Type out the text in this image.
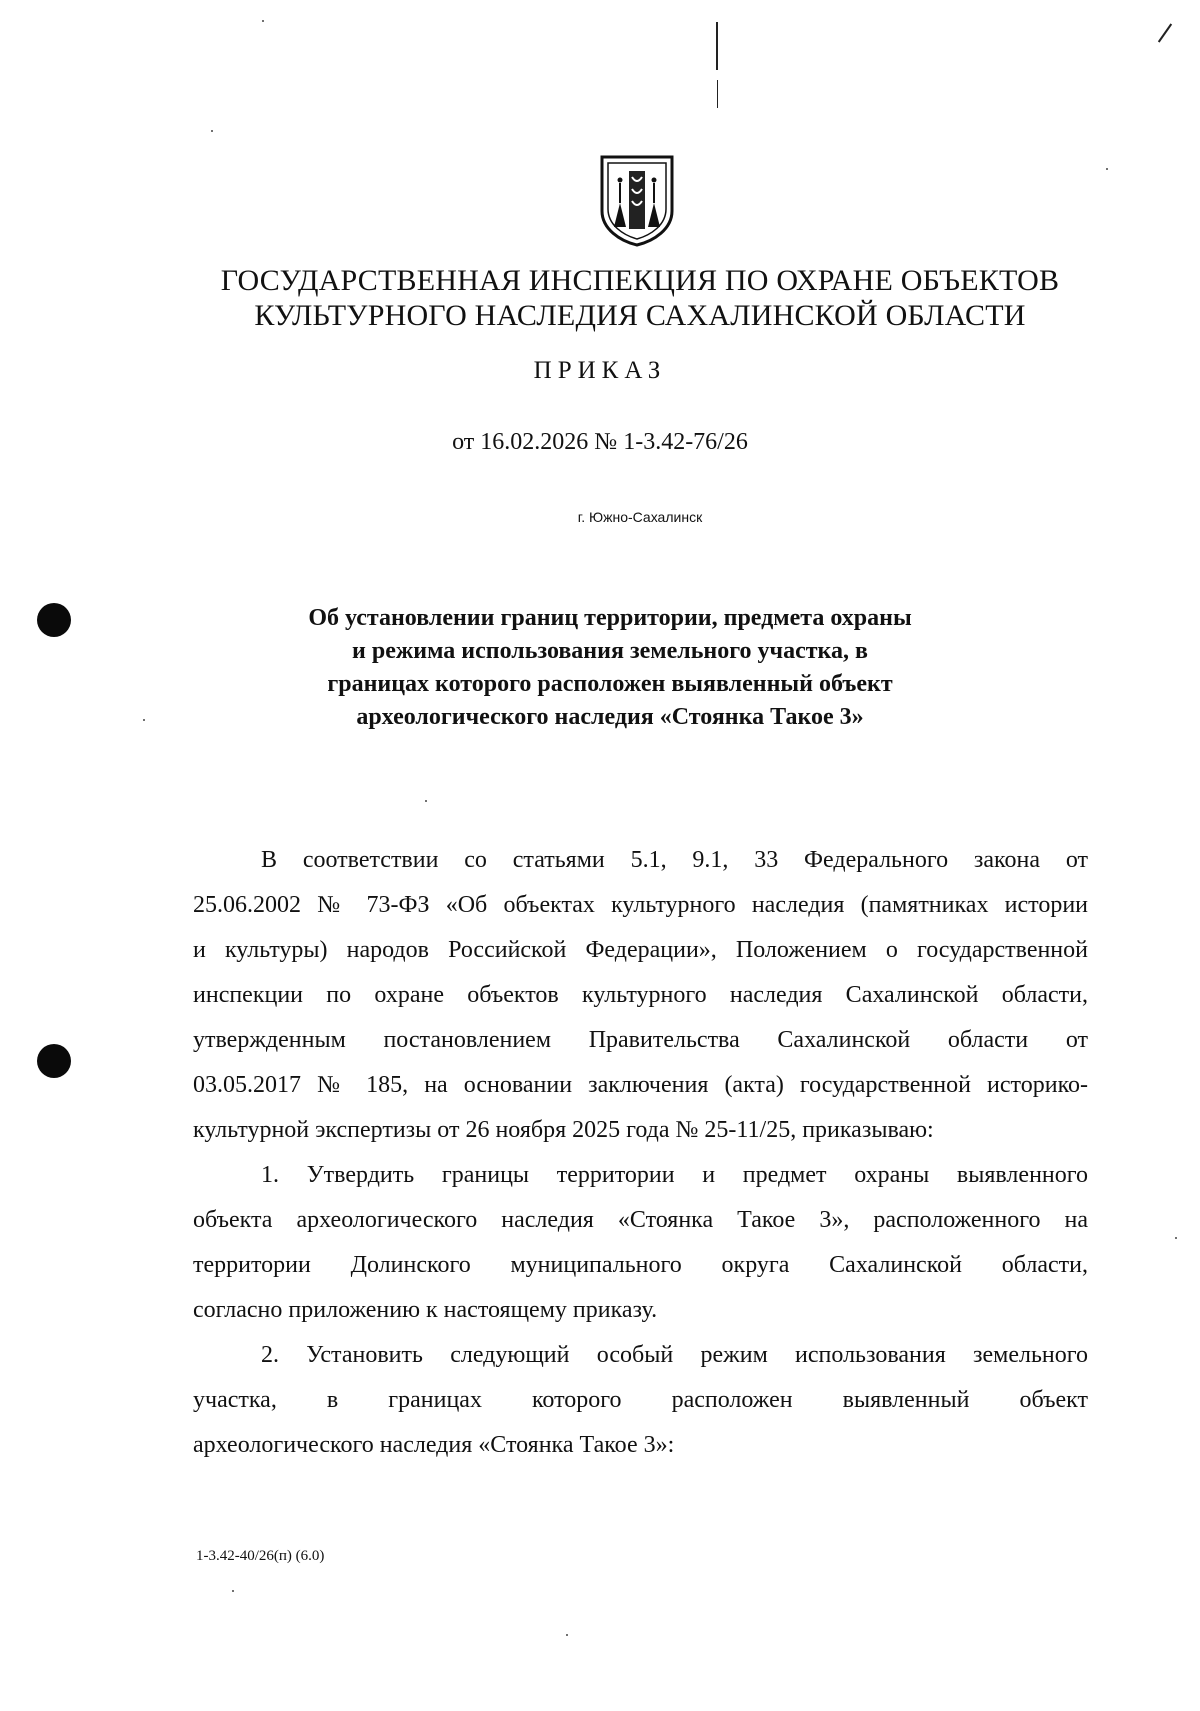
ГОСУДАРСТВЕННАЯ ИНСПЕКЦИЯ ПО ОХРАНЕ ОБЪЕКТОВ
КУЛЬТУРНОГО НАСЛЕДИЯ САХАЛИНСКОЙ ОБЛАСТИ
ПРИКАЗ
от 16.02.2026 № 1-3.42-76/26
г. Южно-Сахалинск
Об установлении границ территории, предмета охраны
и режима использования земельного участка, в
границах которого расположен выявленный объект
археологического наследия «Стоянка Такое 3»
В соответствии со статьями 5.1, 9.1, 33 Федерального закона от
25.06.2002 № 73-ФЗ «Об объектах культурного наследия (памятниках истории
и культуры) народов Российской Федерации», Положением о государственной
инспекции по охране объектов культурного наследия Сахалинской области,
утвержденным постановлением Правительства Сахалинской области от
03.05.2017 № 185, на основании заключения (акта) государственной историко-
культурной экспертизы от 26 ноября 2025 года № 25-11/25, приказываю:
1. Утвердить границы территории и предмет охраны выявленного
объекта археологического наследия «Стоянка Такое 3», расположенного на
территории Долинского муниципального округа Сахалинской области,
согласно приложению к настоящему приказу.
2. Установить следующий особый режим использования земельного
участка, в границах которого расположен выявленный объект
археологического наследия «Стоянка Такое 3»:
1-3.42-40/26(п) (6.0)
